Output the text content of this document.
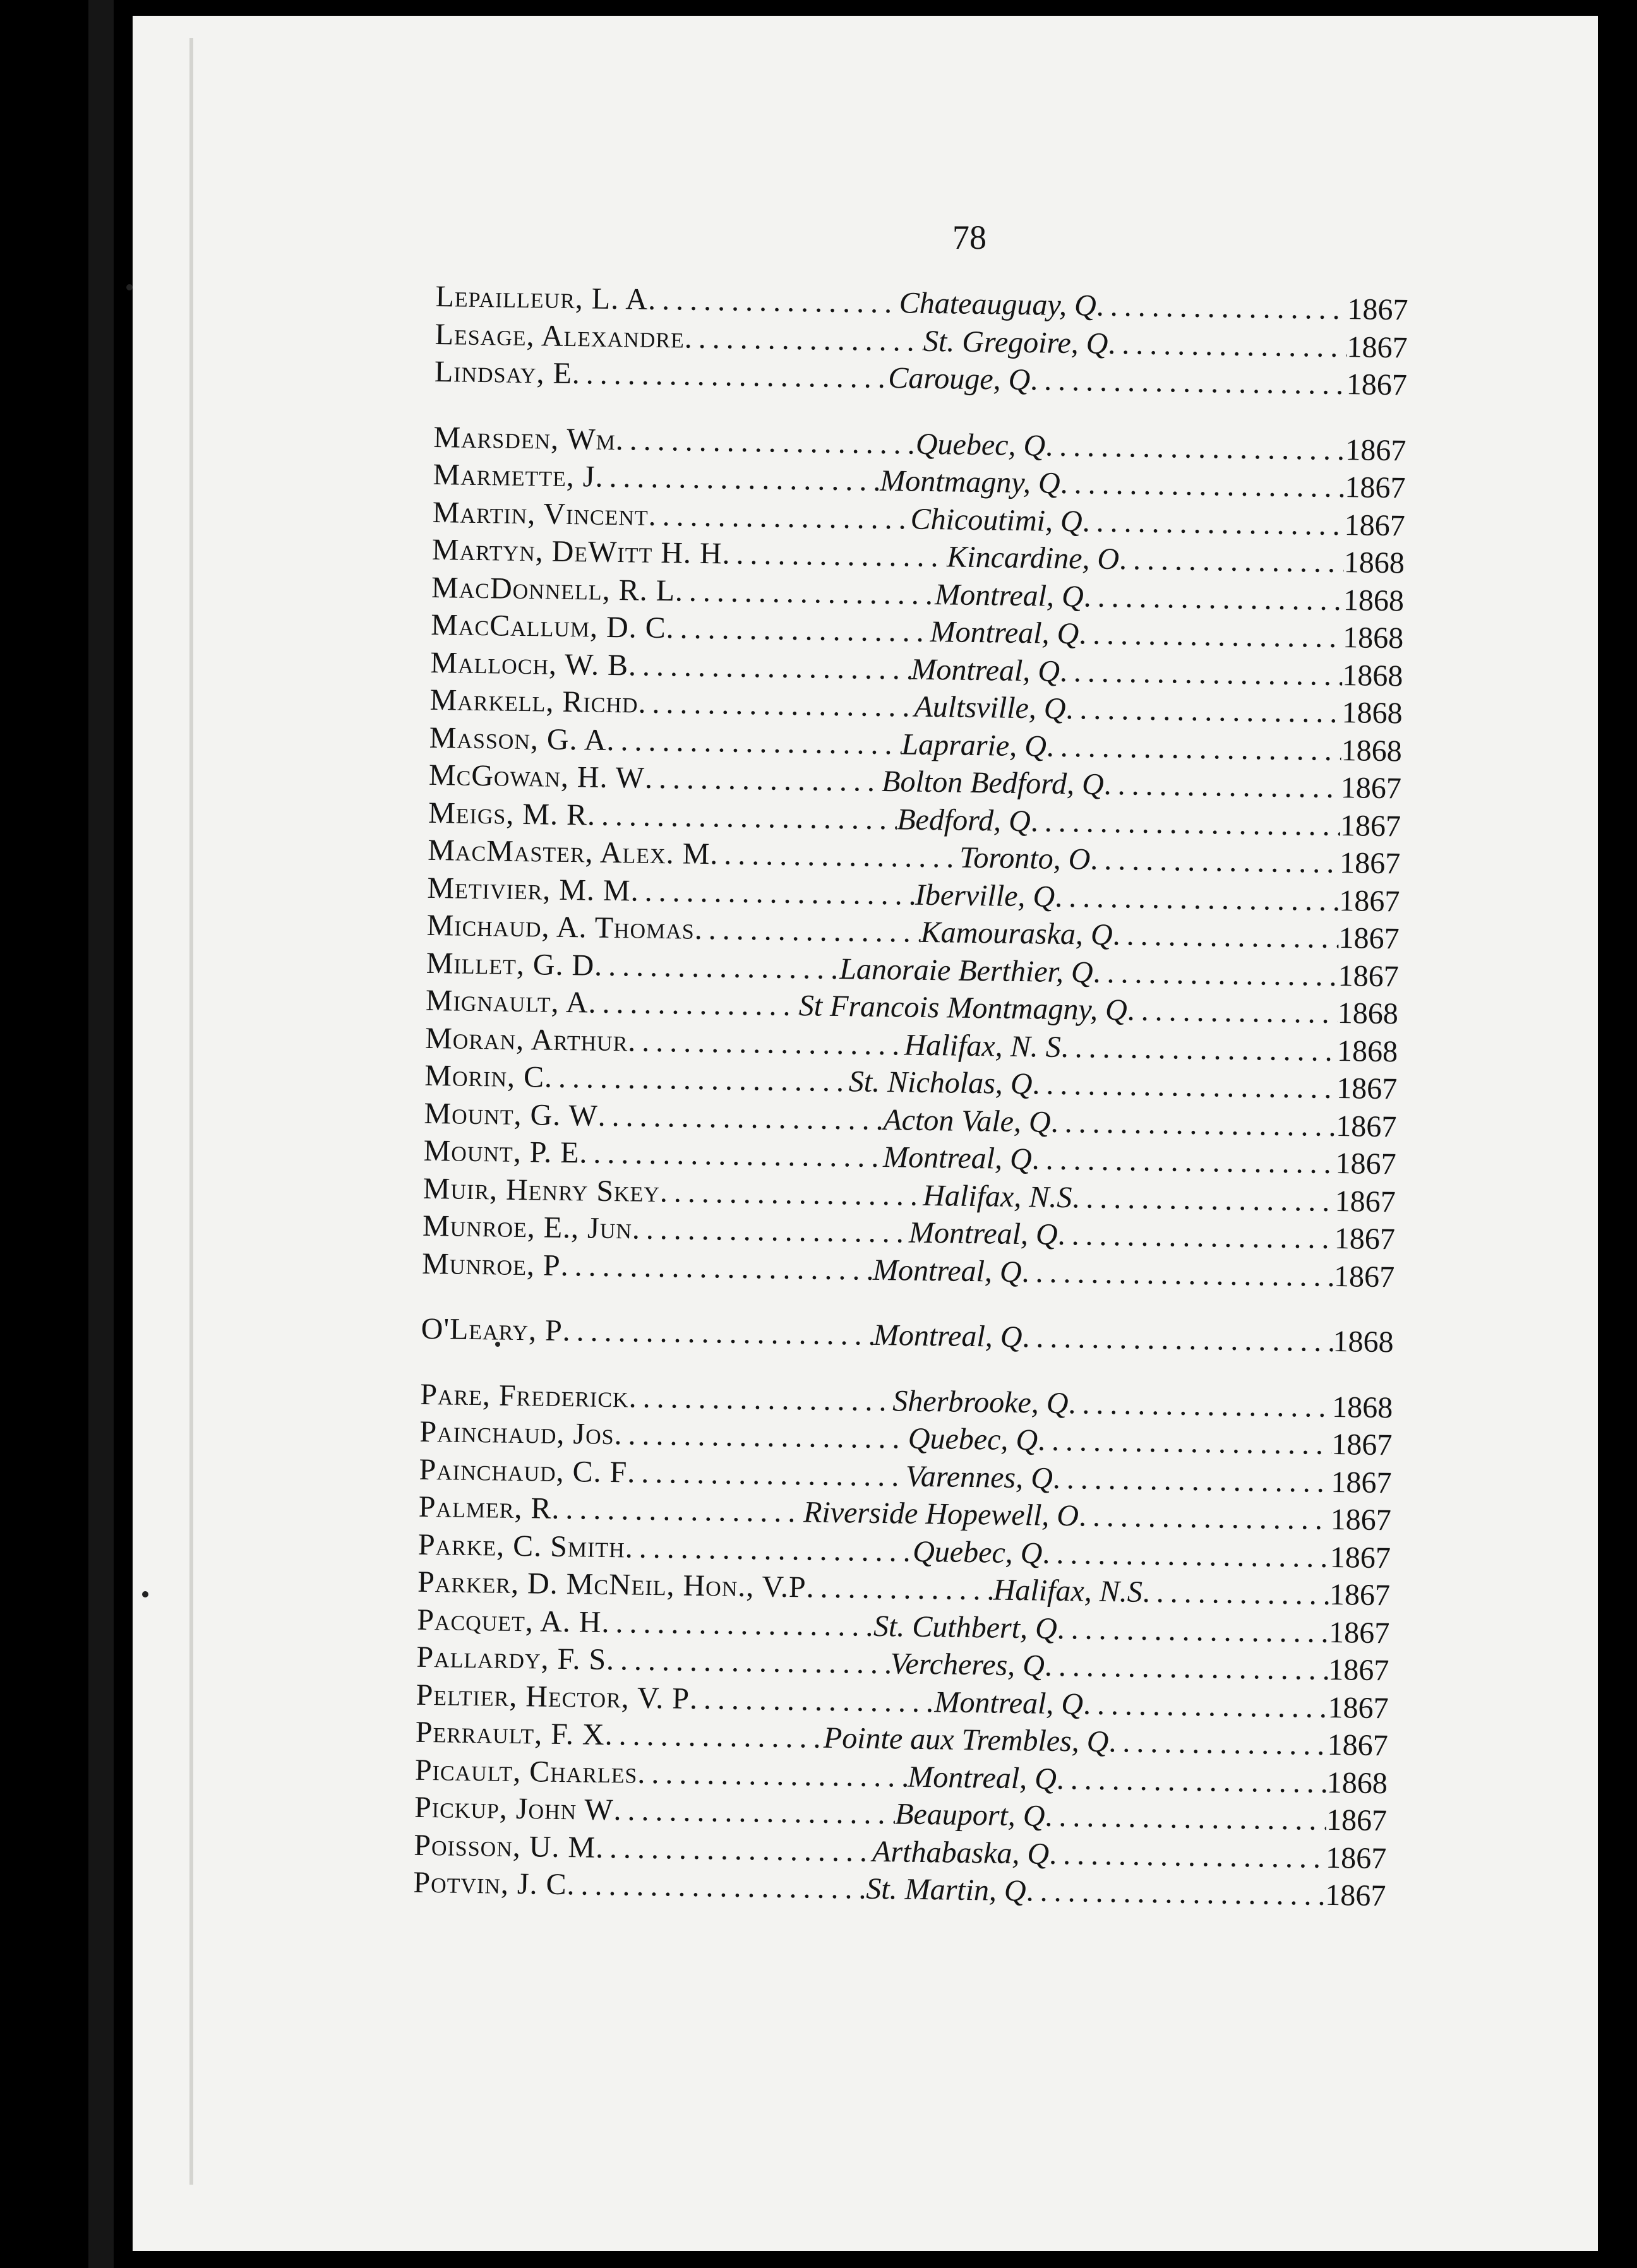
78
Lepailleur, L. A .....	Chateauguay, Q .....	1867
Lesage, Alexandre .....	St. Gregoire, Q .....	1867
Lindsay, E .....	Carouge, Q .....	1867
Marsden, Wm .....	Quebec, Q .....	1867
Marmette, J .....	Montmagny, Q .....	1867
Martin, Vincent .....	Chicoutimi, Q .....	1867
Martyn, DeWitt H. H .....	Kincardine, O .....	1868
MacDonnell, R. L .....	Montreal, Q .....	1868
MacCallum, D. C .....	Montreal, Q .....	1868
Malloch, W. B .....	Montreal, Q .....	1868
Markell, Richd .....	Aultsville, Q .....	1868
Masson, G. A .....	Laprarie, Q .....	1868
McGowan, H. W .....	Bolton Bedford, Q .....	1867
Meigs, M. R .....	Bedford, Q .....	1867
MacMaster, Alex. M .....	Toronto, O .....	1867
Metivier, M. M .....	Iberville, Q .....	1867
Michaud, A. Thomas .....	Kamouraska, Q .....	1867
Millet, G. D .....	Lanoraie Berthier, Q .....	1867
Mignault, A .....	St Francois Montmagny, Q .....	1868
Moran, Arthur .....	Halifax, N. S .....	1868
Morin, C .....	St. Nicholas, Q .....	1867
Mount, G. W .....	Acton Vale, Q .....	1867
Mount, P. E .....	Montreal, Q .....	1867
Muir, Henry Skey .....	Halifax, N.S .....	1867
Munroe, E., Jun .....	Montreal, Q .....	1867
Munroe, P .....	Montreal, Q .....	1867
O'Leary, P .....	Montreal, Q .....	1868
Pare, Frederick .....	Sherbrooke, Q .....	1868
Painchaud, Jos .....	Quebec, Q .....	1867
Painchaud, C. F .....	Varennes, Q .....	1867
Palmer, R .....	Riverside Hopewell, O .....	1867
Parke, C. Smith .....	Quebec, Q .....	1867
Parker, D. McNeil, Hon., V.P .....	Halifax, N.S .....	1867
Pacquet, A. H .....	St. Cuthbert, Q .....	1867
Pallardy, F. S .....	Vercheres, Q .....	1867
Peltier, Hector, V. P .....	Montreal, Q .....	1867
Perrault, F. X .....	Pointe aux Trembles, Q .....	1867
Picault, Charles .....	Montreal, Q .....	1868
Pickup, John W .....	Beauport, Q .....	1867
Poisson, U. M .....	Arthabaska, Q .....	1867
Potvin, J. C .....	St. Martin, Q .....	1867
